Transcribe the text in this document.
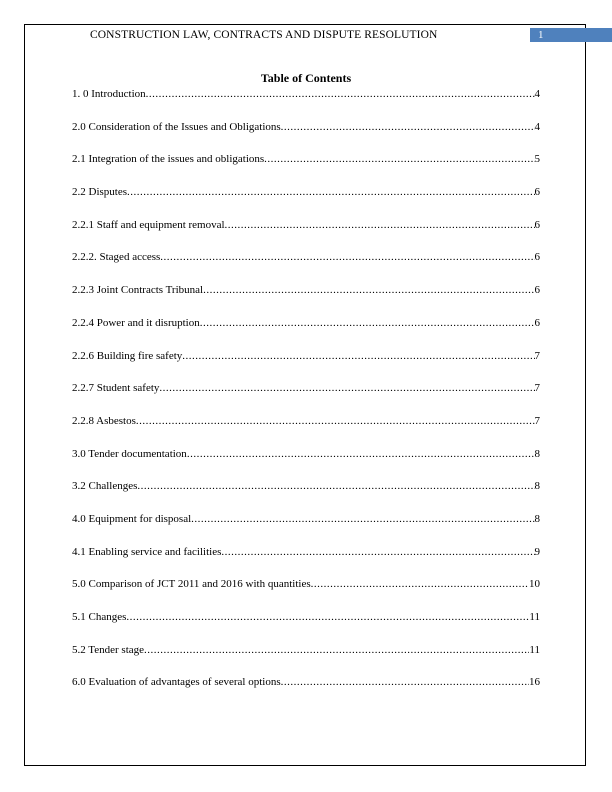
CONSTRUCTION LAW, CONTRACTS AND DISPUTE RESOLUTION	1
Table of Contents
1. 0 Introduction .....	4
2.0 Consideration of the Issues and Obligations .....	4
2.1 Integration of the issues and obligations .....	5
2.2 Disputes .....	6
2.2.1 Staff and equipment removal .....	6
2.2.2. Staged access .....	6
2.2.3 Joint Contracts Tribunal .....	6
2.2.4 Power and it disruption .....	6
2.2.6 Building fire safety .....	7
2.2.7 Student safety .....	7
2.2.8 Asbestos .....	7
3.0 Tender documentation .....	8
3.2 Challenges .....	8
4.0 Equipment for disposal .....	8
4.1 Enabling service and facilities .....	9
5.0 Comparison of JCT 2011 and 2016 with quantities .....	10
5.1 Changes .....	11
5.2 Tender stage .....	11
6.0 Evaluation of advantages of several options .....	16
